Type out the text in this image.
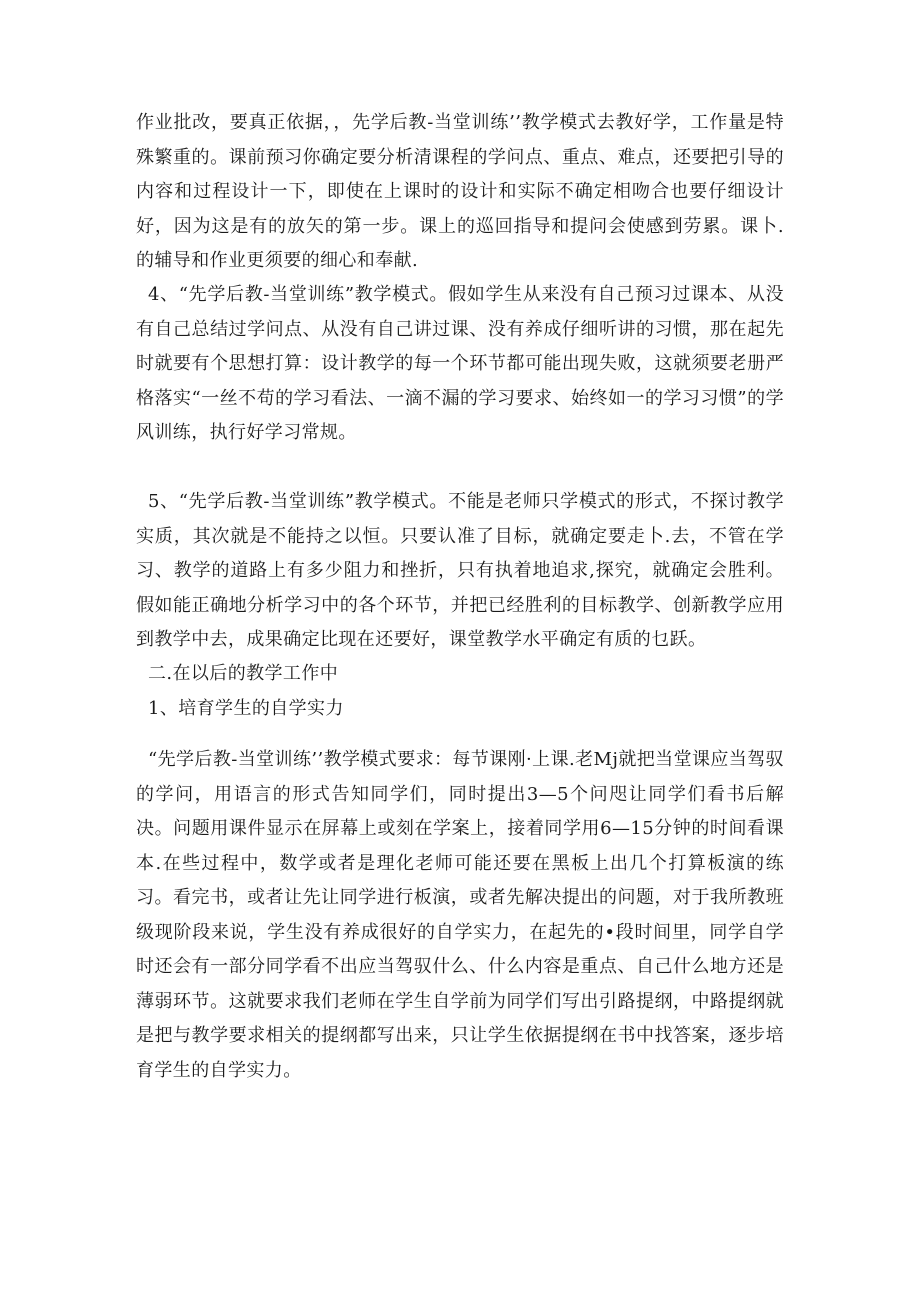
作业批改，要真正依据，，先学后教-当堂训练’’教学模式去教好学，工作量是特殊繁重的。课前预习你确定要分析清课程的学问点、重点、难点，还要把引导的内容和过程设计一下，即使在上课时的设计和实际不确定相吻合也要仔细设计好，因为这是有的放矢的第一步。课上的巡回指导和提问会使感到劳累。课卜.的辅导和作业更须要的细心和奉献.

4、“先学后教-当堂训练”教学模式。假如学生从来没有自己预习过课本、从没有自己总结过学问点、从没有自己讲过课、没有养成仔细听讲的习惯，那在起先时就要有个思想打算：设计教学的每一个环节都可能出现失败，这就须要老册严格落实“一丝不苟的学习看法、一滴不漏的学习要求、始终如一的学习习惯”的学风训练，执行好学习常规。

5、“先学后教-当堂训练”教学模式。不能是老师只学模式的形式，不探讨教学实质，其次就是不能持之以恒。只要认准了目标，就确定要走卜.去，不管在学习、教学的道路上有多少阻力和挫折，只有执着地追求,探究，就确定会胜利。假如能正确地分析学习中的各个环节，并把已经胜利的目标教学、创新教学应用到教学中去，成果确定比现在还要好，课堂教学水平确定有质的乜跃。

二.在以后的教学工作中

1、培育学生的自学实力

“先学后教-当堂训练’’教学模式要求：每节课刚·上课.老Mj就把当堂课应当驾驭的学问，用语言的形式告知同学们，同时提出3—5个问咫让同学们看书后解决。问题用课件显示在屏幕上或刻在学案上，接着同学用6—15分钟的时间看课本.在些过程中，数学或者是理化老师可能还要在黑板上出几个打算板演的练习。看完书，或者让先让同学进行板演，或者先解决提出的问题，对于我所教班级现阶段来说，学生没有养成很好的自学实力，在起先的•段时间里，同学自学时还会有一部分同学看不出应当驾驭什么、什么内容是重点、自己什么地方还是薄弱环节。这就要求我们老师在学生自学前为同学们写出引路提纲，中路提纲就是把与教学要求相关的提纲都写出来，只让学生依据提纲在书中找答案，逐步培育学生的自学实力。
